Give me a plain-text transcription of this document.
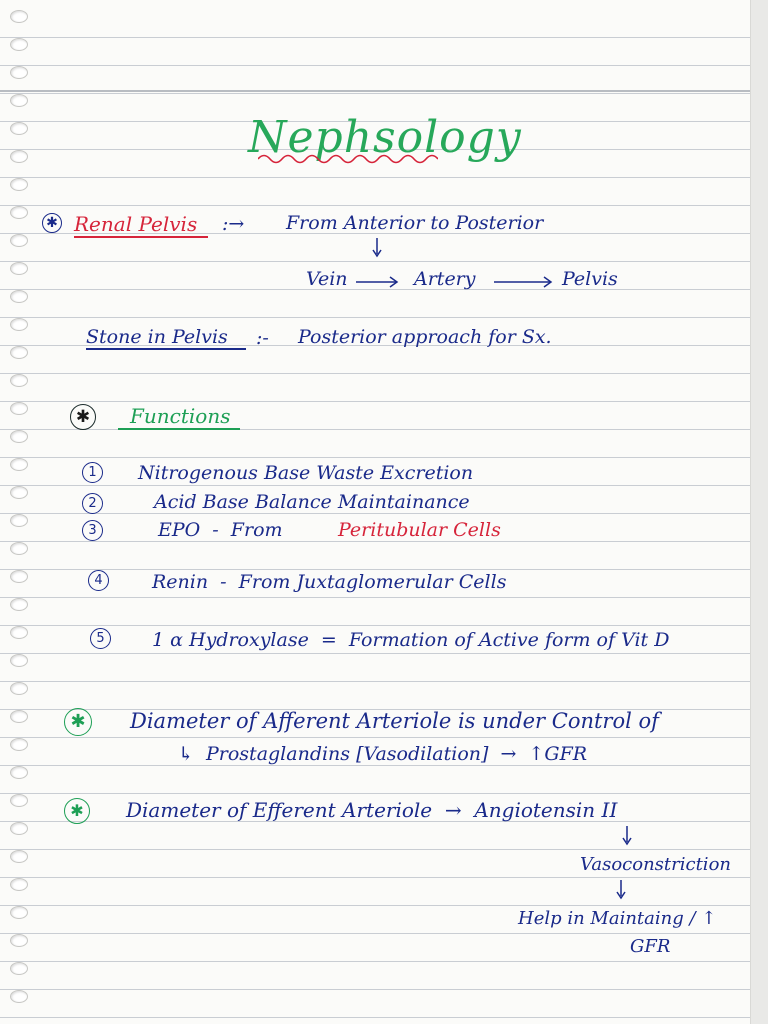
Nephsology
✱ Renal Pelvis :→ From Anterior to Posterior
Vein	Artery	Pelvis
Stone in Pelvis :- Posterior approach for Sx.
✱ Functions
1	Nitrogenous Base Waste Excretion
2	Acid Base Balance Maintainance
3	EPO  -  From	Peritubular Cells
4	Renin  -  From Juxtaglomerular Cells
5	1 α Hydroxylase  =  Formation of Active form of Vit D
✱	Diameter of Afferent Arteriole is under Control of
↳  Prostaglandins [Vasodilation]  →  ↑GFR
✱	Diameter of Efferent Arteriole  →  Angiotensin II
Vasoconstriction
Help in Maintaing / ↑
GFR
